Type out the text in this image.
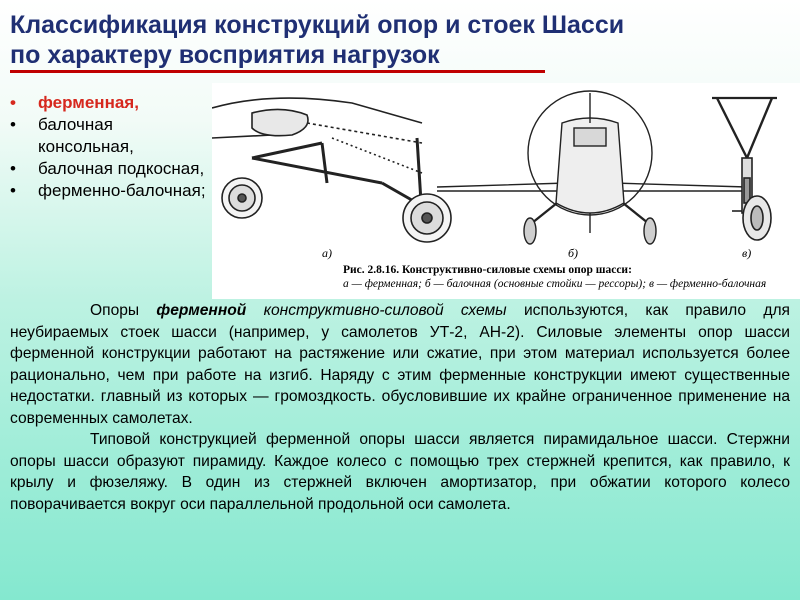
Классификация конструкций опор и стоек Шасси
по характеру восприятия нагрузок
• ферменная,
• балочная консольная,
• балочная подкосная,
• ферменно-балочная;
а)	б)	в)
Рис. 2.8.16. Конструктивно-силовые схемы опор шасси:
а — ферменная; б — балочная (основные стойки — рессоры); в — ферменно-балочная

Опоры ферменной конструктивно-силовой схемы используются, как правило для неубираемых стоек шасси (например, у самолетов УТ-2, АН-2). Силовые элементы опор шасси ферменной конструкции работают на растяжение или сжатие, при этом материал используется более рационально, чем при работе на изгиб. Наряду с этим ферменные конструкции имеют существенные недостатки. главный из которых — громоздкость. обусловившие их крайне ограниченное применение на современных самолетах.

Типовой конструкцией ферменной опоры шасси является пирамидальное шасси. Стержни опоры шасси образуют пирамиду. Каждое колесо с помощью трех стержней крепится, как правило, к крылу и фюзеляжу. В один из стержней включен амортизатор, при обжатии которого колесо поворачивается вокруг оси параллельной продольной оси самолета.
